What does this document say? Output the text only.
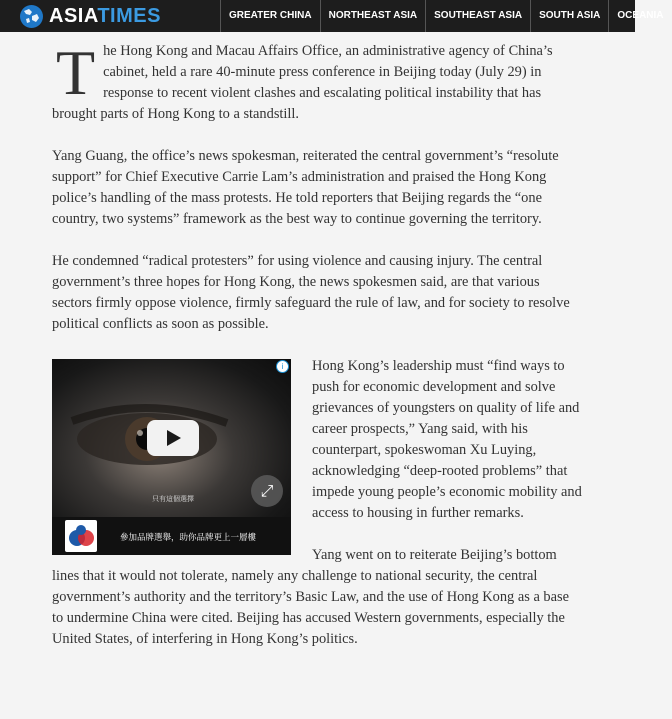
ASIATIMES	GREATER CHINA	NORTHEAST ASIA	SOUTHEAST ASIA	SOUTH ASIA	OCEANIA

The Hong Kong and Macau Affairs Office, an administrative agency of China’s cabinet, held a rare 40-minute press conference in Beijing today (July 29) in response to recent violent clashes and escalating political instability that has brought parts of Hong Kong to a standstill.

Yang Guang, the office’s news spokesman, reiterated the central government’s “resolute support” for Chief Executive Carrie Lam’s administration and praised the Hong Kong police’s handling of the mass protests. He told reporters that Beijing regards the “one country, two systems” framework as the best way to continue governing the territory.

He condemned “radical protesters” for using violence and causing injury. The central government’s three hopes for Hong Kong, the news spokesmen said, are that various sectors firmly oppose violence, firmly safeguard the rule of law, and for society to resolve political conflicts as soon as possible.

i
只有這個選擇	⤢
參加品牌選舉，助你品牌更上一層樓

Hong Kong’s leadership must “find ways to push for economic development and solve grievances of youngsters on quality of life and career prospects,” Yang said, with his counterpart, spokeswoman Xu Luying, acknowledging “deep-rooted problems” that impede young people’s economic mobility and access to housing in further remarks.

Yang went on to reiterate Beijing’s bottom lines that it would not tolerate, namely any challenge to national security, the central government’s authority and the territory’s Basic Law, and the use of Hong Kong as a base to undermine China were cited. Beijing has accused Western governments, especially the United States, of interfering in Hong Kong’s politics.
